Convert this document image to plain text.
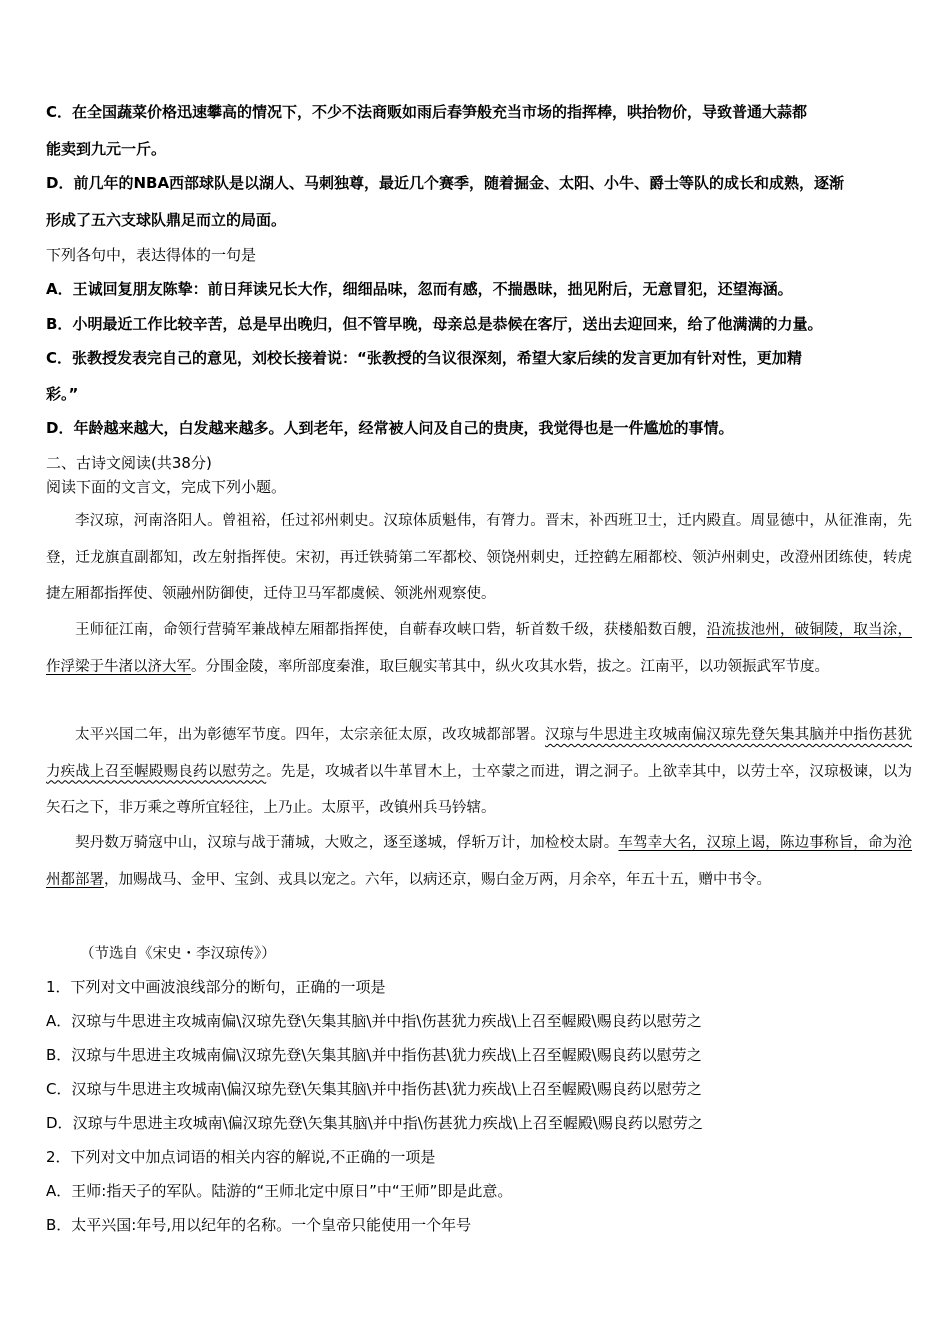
C．在全国蔬菜价格迅速攀高的情况下，不少不法商贩如雨后春笋般充当市场的指挥棒，哄抬物价，导致普通大蒜都
能卖到九元一斤。
D．前几年的NBA西部球队是以湖人、马刺独尊，最近几个赛季，随着掘金、太阳、小牛、爵士等队的成长和成熟，逐渐
形成了五六支球队鼎足而立的局面。
下列各句中，表达得体的一句是
A．王诚回复朋友陈挚：前日拜读兄长大作，细细品味，忽而有感，不揣愚昧，拙见附后，无意冒犯，还望海涵。
B．小明最近工作比较辛苦，总是早出晚归，但不管早晚，母亲总是恭候在客厅，送出去迎回来，给了他满满的力量。
C．张教授发表完自己的意见，刘校长接着说：“张教授的刍议很深刻，希望大家后续的发言更加有针对性，更加精
彩。”
D．年龄越来越大，白发越来越多。人到老年，经常被人问及自己的贵庚，我觉得也是一件尴尬的事情。
二、古诗文阅读(共38分)
阅读下面的文言文，完成下列小题。

李汉琼，河南洛阳人。曾祖裕，任过祁州刺史。汉琼体质魁伟，有膂力。晋末，补西班卫士，迁内殿直。周显德中，从征淮南，先登，迁龙旗直副都知，改左射指挥使。宋初，再迁铁骑第二军都校、领饶州刺史，迁控鹤左厢都校、领泸州刺史，改澄州团练使，转虎捷左厢都指挥使、领融州防御使，迁侍卫马军都虞候、领洮州观察使。

王师征江南，命领行营骑军兼战棹左厢都指挥使，自蕲春攻峡口砦，斩首数千级，获楼船数百艘，沿流拔池州，破铜陵，取当涂，作浮梁于牛渚以济大军。分围金陵，率所部度秦淮，取巨舰实苇其中，纵火攻其水砦，拔之。江南平，以功领振武军节度。

太平兴国二年，出为彰德军节度。四年，太宗亲征太原，改攻城都部署。汉琼与牛思进主攻城南偏汉琼先登矢集其脑并中指伤甚犹力疾战上召至幄殿赐良药以慰劳之。先是，攻城者以牛革冒木上，士卒蒙之而进，谓之洞子。上欲幸其中，以劳士卒，汉琼极谏，以为矢石之下，非万乘之尊所宜轻往，上乃止。太原平，改镇州兵马钤辖。

契丹数万骑寇中山，汉琼与战于蒲城，大败之，逐至遂城，俘斩万计，加检校太尉。车驾幸大名，汉琼上谒，陈边事称旨，命为沧州都部署，加赐战马、金甲、宝剑、戎具以宠之。六年，以病还京，赐白金万两，月余卒，年五十五，赠中书令。

（节选自《宋史・李汉琼传》）
1．下列对文中画波浪线部分的断句，正确的一项是
A．汉琼与牛思进主攻城南偏\汉琼先登\矢集其脑\并中指\伤甚犹力疾战\上召至幄殿\赐良药以慰劳之
B．汉琼与牛思进主攻城南偏\汉琼先登\矢集其脑\并中指伤甚\犹力疾战\上召至幄殿\赐良药以慰劳之
C．汉琼与牛思进主攻城南\偏汉琼先登\矢集其脑\并中指伤甚\犹力疾战\上召至幄殿\赐良药以慰劳之
D．汉琼与牛思进主攻城南\偏汉琼先登\矢集其脑\并中指\伤甚犹力疾战\上召至幄殿\赐良药以慰劳之
2．下列对文中加点词语的相关内容的解说,不正确的一项是
A．王师:指天子的军队。陆游的“王师北定中原日”中“王师”即是此意。
B．太平兴国:年号,用以纪年的名称。一个皇帝只能使用一个年号
